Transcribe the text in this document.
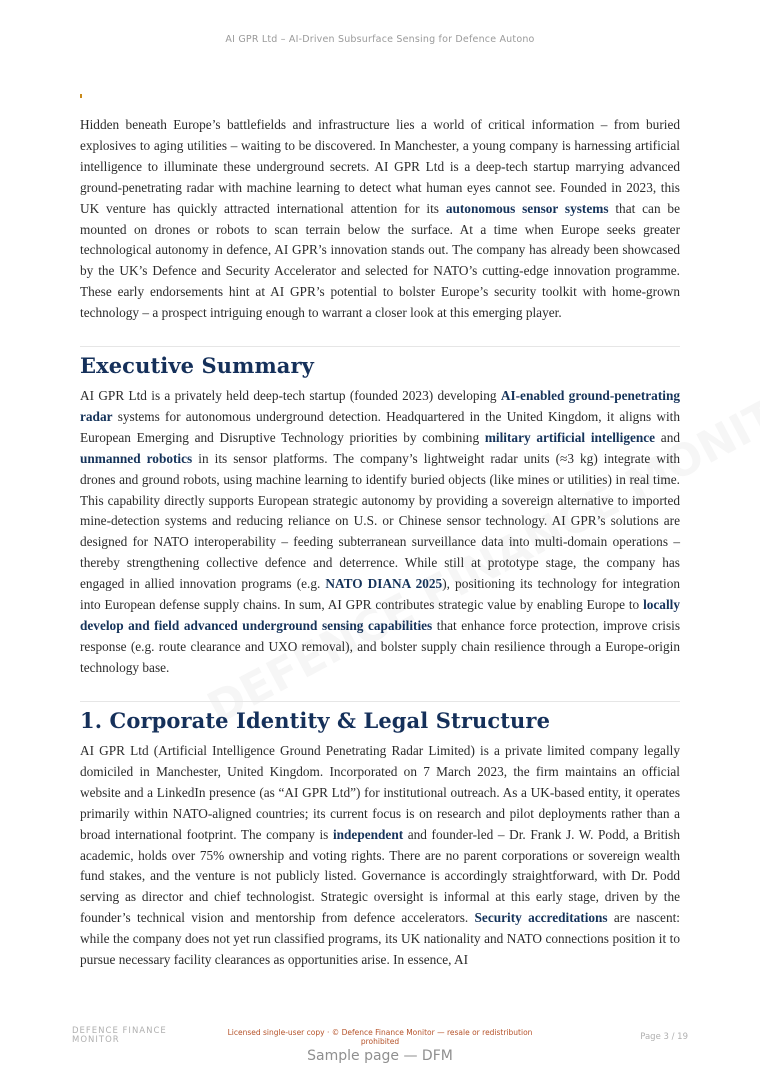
AI GPR Ltd – AI-Driven Subsurface Sensing for Defence Autono

Hidden beneath Europe’s battlefields and infrastructure lies a world of critical information – from buried explosives to aging utilities – waiting to be discovered. In Manchester, a young company is harnessing artificial intelligence to illuminate these underground secrets. AI GPR Ltd is a deep-tech startup marrying advanced ground-penetrating radar with machine learning to detect what human eyes cannot see. Founded in 2023, this UK venture has quickly attracted international attention for its autonomous sensor systems that can be mounted on drones or robots to scan terrain below the surface. At a time when Europe seeks greater technological autonomy in defence, AI GPR’s innovation stands out. The company has already been showcased by the UK’s Defence and Security Accelerator and selected for NATO’s cutting-edge innovation programme. These early endorsements hint at AI GPR’s potential to bolster Europe’s security toolkit with home-grown technology – a prospect intriguing enough to warrant a closer look at this emerging player.

Executive Summary

AI GPR Ltd is a privately held deep-tech startup (founded 2023) developing AI-enabled ground-penetrating radar systems for autonomous underground detection. Headquartered in the United Kingdom, it aligns with European Emerging and Disruptive Technology priorities by combining military artificial intelligence and unmanned robotics in its sensor platforms. The company’s lightweight radar units (≈3 kg) integrate with drones and ground robots, using machine learning to identify buried objects (like mines or utilities) in real time. This capability directly supports European strategic autonomy by providing a sovereign alternative to imported mine-detection systems and reducing reliance on U.S. or Chinese sensor technology. AI GPR’s solutions are designed for NATO interoperability – feeding subterranean surveillance data into multi-domain operations – thereby strengthening collective defence and deterrence. While still at prototype stage, the company has engaged in allied innovation programs (e.g. NATO DIANA 2025), positioning its technology for integration into European defense supply chains. In sum, AI GPR contributes strategic value by enabling Europe to locally develop and field advanced underground sensing capabilities that enhance force protection, improve crisis response (e.g. route clearance and UXO removal), and bolster supply chain resilience through a Europe-origin technology base.

1. Corporate Identity & Legal Structure

AI GPR Ltd (Artificial Intelligence Ground Penetrating Radar Limited) is a private limited company legally domiciled in Manchester, United Kingdom. Incorporated on 7 March 2023, the firm maintains an official website and a LinkedIn presence (as “AI GPR Ltd”) for institutional outreach. As a UK-based entity, it operates primarily within NATO-aligned countries; its current focus is on research and pilot deployments rather than a broad international footprint. The company is independent and founder-led – Dr. Frank J. W. Podd, a British academic, holds over 75% ownership and voting rights. There are no parent corporations or sovereign wealth fund stakes, and the venture is not publicly listed. Governance is accordingly straightforward, with Dr. Podd serving as director and chief technologist. Strategic oversight is informal at this early stage, driven by the founder’s technical vision and mentorship from defence accelerators. Security accreditations are nascent: while the company does not yet run classified programs, its UK nationality and NATO connections position it to pursue necessary facility clearances as opportunities arise. In essence, AI

DEFENCE FINANCE
MONITOR
Licensed single-user copy · © Defence Finance Monitor — resale or redistribution prohibited	Page 3 / 19
Sample page — DFM
